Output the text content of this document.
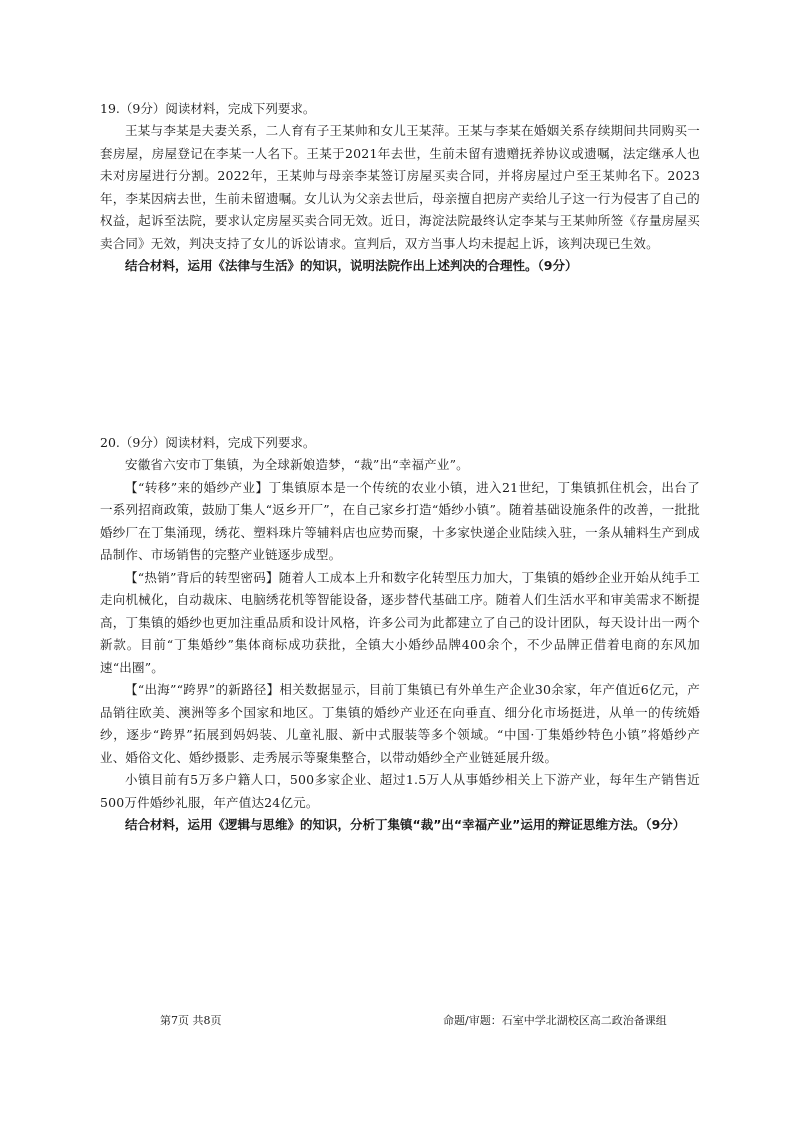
19.（9分）阅读材料，完成下列要求。

王某与李某是夫妻关系，二人育有子王某帅和女儿王某萍。王某与李某在婚姻关系存续期间共同购买一套房屋，房屋登记在李某一人名下。王某于2021年去世，生前未留有遗赠抚养协议或遗嘱，法定继承人也未对房屋进行分割。2022年，王某帅与母亲李某签订房屋买卖合同，并将房屋过户至王某帅名下。2023年，李某因病去世，生前未留遗嘱。女儿认为父亲去世后，母亲擅自把房产卖给儿子这一行为侵害了自己的权益，起诉至法院，要求认定房屋买卖合同无效。近日，海淀法院最终认定李某与王某帅所签《存量房屋买卖合同》无效，判决支持了女儿的诉讼请求。宣判后，双方当事人均未提起上诉，该判决现已生效。

结合材料，运用《法律与生活》的知识，说明法院作出上述判决的合理性。（9分）

20.（9分）阅读材料，完成下列要求。

安徽省六安市丁集镇，为全球新娘造梦，“裁”出“幸福产业”。

【“转移”来的婚纱产业】丁集镇原本是一个传统的农业小镇，进入21世纪，丁集镇抓住机会，出台了一系列招商政策，鼓励丁集人“返乡开厂”，在自己家乡打造“婚纱小镇”。随着基础设施条件的改善，一批批婚纱厂在丁集涌现，绣花、塑料珠片等辅料店也应势而聚，十多家快递企业陆续入驻，一条从辅料生产到成品制作、市场销售的完整产业链逐步成型。

【“热销”背后的转型密码】随着人工成本上升和数字化转型压力加大，丁集镇的婚纱企业开始从纯手工走向机械化，自动裁床、电脑绣花机等智能设备，逐步替代基础工序。随着人们生活水平和审美需求不断提高，丁集镇的婚纱也更加注重品质和设计风格，许多公司为此都建立了自己的设计团队，每天设计出一两个新款。目前“丁集婚纱”集体商标成功获批，全镇大小婚纱品牌400余个，不少品牌正借着电商的东风加速“出圈”。

【“出海”“跨界”的新路径】相关数据显示，目前丁集镇已有外单生产企业30余家，年产值近6亿元，产品销往欧美、澳洲等多个国家和地区。丁集镇的婚纱产业还在向垂直、细分化市场挺进，从单一的传统婚纱，逐步“跨界”拓展到妈妈装、儿童礼服、新中式服装等多个领域。“中国·丁集婚纱特色小镇”将婚纱产业、婚俗文化、婚纱摄影、走秀展示等聚集整合，以带动婚纱全产业链延展升级。

小镇目前有5万多户籍人口，500多家企业、超过1.5万人从事婚纱相关上下游产业，每年生产销售近500万件婚纱礼服，年产值达24亿元。

结合材料，运用《逻辑与思维》的知识，分析丁集镇“裁”出“幸福产业”运用的辩证思维方法。（9分）

第7页 共8页	命题/审题：石室中学北湖校区高二政治备课组
